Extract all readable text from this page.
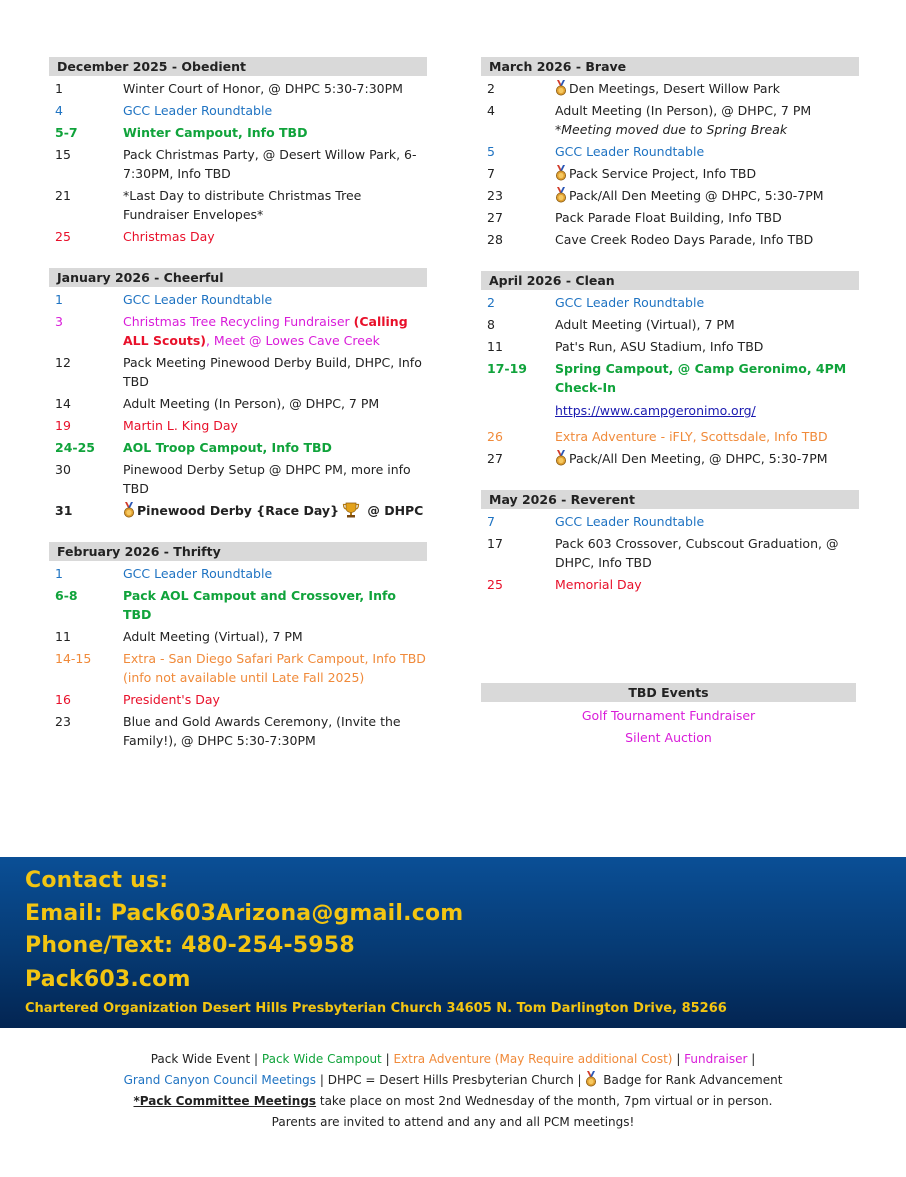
December 2025 - Obedient
1	Winter Court of Honor, @ DHPC 5:30-7:30PM
4	GCC Leader Roundtable
5-7	Winter Campout, Info TBD
15	Pack Christmas Party, @ Desert Willow Park, 6-7:30PM, Info TBD
21	*Last Day to distribute Christmas Tree Fundraiser Envelopes*
25	Christmas Day
January 2026 - Cheerful
1	GCC Leader Roundtable
3	Christmas Tree Recycling Fundraiser (Calling ALL Scouts), Meet @ Lowes Cave Creek
12	Pack Meeting Pinewood Derby Build, DHPC, Info TBD
14	Adult Meeting (In Person), @ DHPC, 7 PM
19	Martin L. King Day
24-25	AOL Troop Campout, Info TBD
30	Pinewood Derby Setup @ DHPC PM, more info TBD
31	Pinewood Derby {Race Day} @ DHPC
February 2026 - Thrifty
1	GCC Leader Roundtable
6-8	Pack AOL Campout and Crossover, Info TBD
11	Adult Meeting (Virtual), 7 PM
14-15	Extra - San Diego Safari Park Campout, Info TBD (info not available until Late Fall 2025)
16	President's Day
23	Blue and Gold Awards Ceremony, (Invite the Family!), @ DHPC 5:30-7:30PM
March 2026 - Brave
2	Den Meetings, Desert Willow Park
4	Adult Meeting (In Person), @ DHPC, 7 PM
*Meeting moved due to Spring Break
5	GCC Leader Roundtable
7	Pack Service Project, Info TBD
23	Pack/All Den Meeting @ DHPC, 5:30-7PM
27	Pack Parade Float Building, Info TBD
28	Cave Creek Rodeo Days Parade, Info TBD
April 2026 - Clean
2	GCC Leader Roundtable
8	Adult Meeting (Virtual), 7 PM
11	Pat's Run, ASU Stadium, Info TBD
17-19	Spring Campout, @ Camp Geronimo, 4PM Check-In
https://www.campgeronimo.org/
26	Extra Adventure - iFLY, Scottsdale, Info TBD
27	Pack/All Den Meeting, @ DHPC, 5:30-7PM
May 2026 - Reverent
7	GCC Leader Roundtable
17	Pack 603 Crossover, Cubscout Graduation, @ DHPC, Info TBD
25	Memorial Day
TBD Events
Golf Tournament Fundraiser
Silent Auction
Contact us:
Email: Pack603Arizona@gmail.com
Phone/Text: 480-254-5958
Pack603.com
Chartered Organization Desert Hills Presbyterian Church 34605 N. Tom Darlington Drive, 85266
Pack Wide Event | Pack Wide Campout | Extra Adventure (May Require additional Cost) | Fundraiser |
Grand Canyon Council Meetings | DHPC = Desert Hills Presbyterian Church |  Badge for Rank Advancement
*Pack Committee Meetings take place on most 2nd Wednesday of the month, 7pm virtual or in person.
Parents are invited to attend and any and all PCM meetings!
